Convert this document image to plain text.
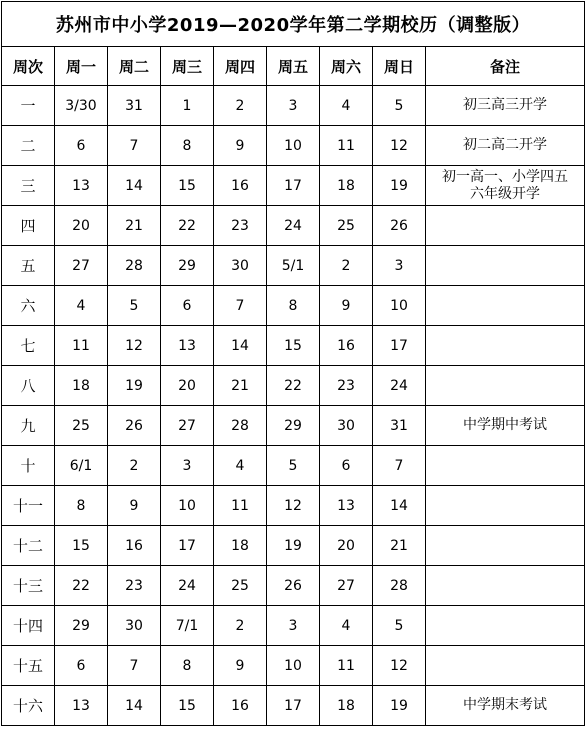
苏州市中小学2019—2020学年第二学期校历（调整版）								
周次	周一	周二	周三	周四	周五	周六	周日	备注
一	3/30	31	1	2	3	4	5	初三高三开学

二	6	7	8	9	10	11	12	初二高二开学

三	13	14	15	16	17	18	19	初一高一、小学四五
六年级开学

四	20	21	22	23	24	25	26	
五	27	28	29	30	5/1	2	3	
六	4	5	6	7	8	9	10	
七	11	12	13	14	15	16	17	
八	18	19	20	21	22	23	24	
九	25	26	27	28	29	30	31	中学期中考试

十	6/1	2	3	4	5	6	7	
十一	8	9	10	11	12	13	14	
十二	15	16	17	18	19	20	21	
十三	22	23	24	25	26	27	28	
十四	29	30	7/1	2	3	4	5	
十五	6	7	8	9	10	11	12	
十六	13	14	15	16	17	18	19	中学期末考试
